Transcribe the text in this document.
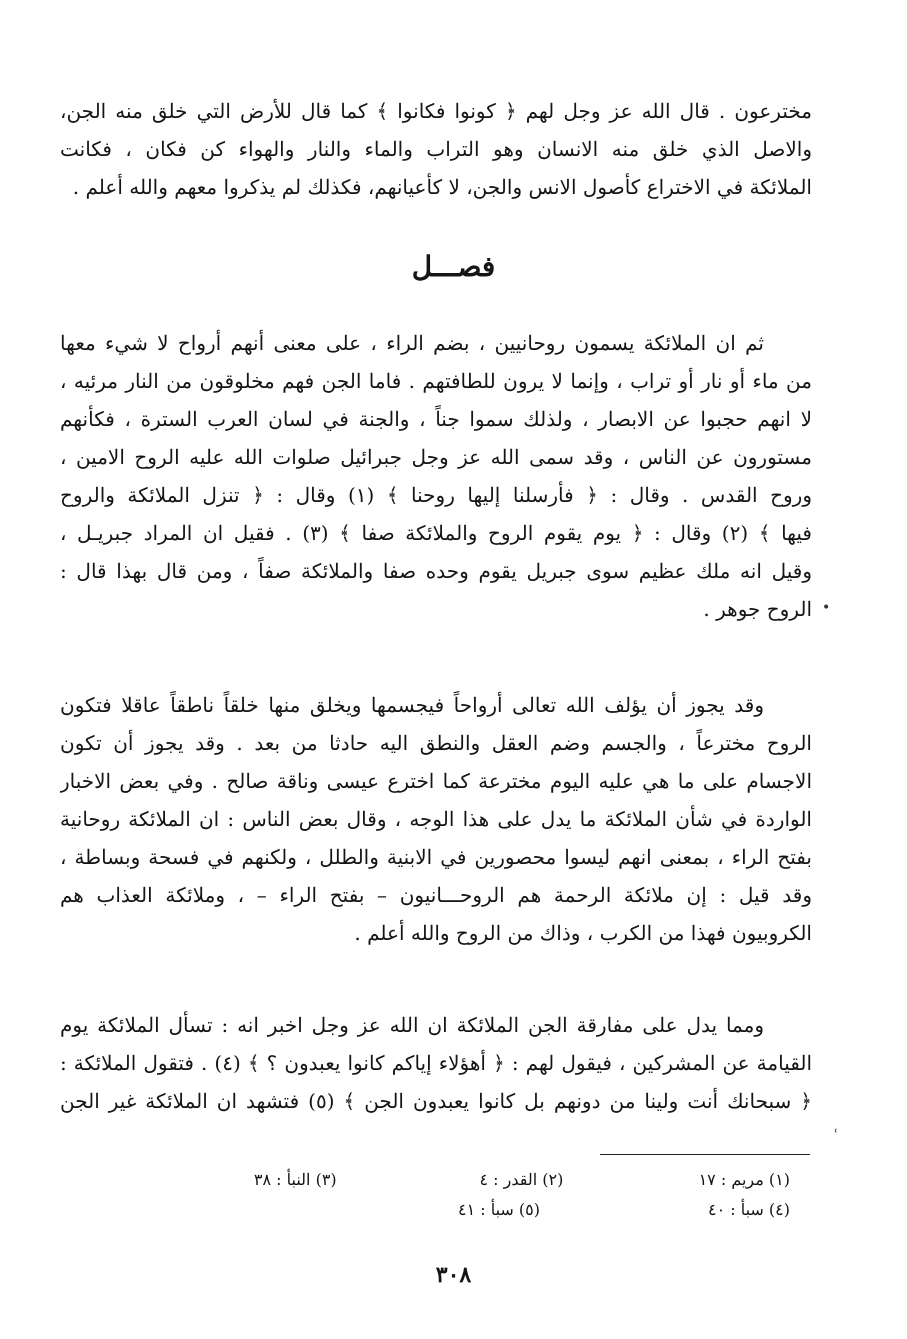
مخترعون . قال الله عز وجل لهم ﴿ كونوا فكانوا ﴾ كما قال للأرض التي خلق منه الجن،
والاصل الذي خلق منه الانسان وهو التراب والماء والنار والهواء كن فكان ، فكانت
الملائكة في الاختراع كأصول الانس والجن، لا كأعيانهم، فكذلك لم يذكروا معهم والله أعلم .
فصـــل
ثم ان الملائكة يسمون روحانيين ، بضم الراء ، على معنى أنهم أرواح لا شيء معها
من ماء أو نار أو تراب ، وإنما لا يرون للطافتهم . فاما الجن فهم مخلوقون من النار مرئيه ،
لا انهم حجبوا عن الابصار ، ولذلك سموا جناً ، والجنة في لسان العرب السترة ، فكأنهم
مستورون عن الناس ، وقد سمى الله عز وجل جبرائيل صلوات الله عليه الروح الامين ،
وروح القدس . وقال : ﴿ فأرسلنا إليها روحنا ﴾ (١) وقال : ﴿ تنزل الملائكة والروح
فيها ﴾ (٢) وقال : ﴿ يوم يقوم الروح والملائكة صفا ﴾ (٣) . فقيل ان المراد جبريـل ،
وقيل انه ملك عظيم سوى جبريل يقوم وحده صفا والملائكة صفاً ، ومن قال بهذا قال :
الروح جوهر .
وقد يجوز أن يؤلف الله تعالى أرواحاً فيجسمها ويخلق منها خلقاً ناطقاً عاقلا فتكون
الروح مخترعاً ، والجسم وضم العقل والنطق اليه حادثا من بعد . وقد يجوز أن تكون
الاجسام على ما هي عليه اليوم مخترعة كما اخترع عيسى وناقة صالح . وفي بعض الاخبار
الواردة في شأن الملائكة ما يدل على هذا الوجه ، وقال بعض الناس : ان الملائكة روحانية
بفتح الراء ، بمعنى انهم ليسوا محصورين في الابنية والطلل ، ولكنهم في فسحة وبساطة ،
وقد قيل : إن ملائكة الرحمة هم الروحـــانيون – بفتح الراء – ، وملائكة العذاب هم
الكروبيون فهذا من الكرب ، وذاك من الروح والله أعلم .
ومما يدل على مفارقة الجن الملائكة ان الله عز وجل اخبر انه : تسأل الملائكة يوم
القيامة عن المشركين ، فيقول لهم : ﴿ أهؤلاء إياكم كانوا يعبدون ؟ ﴾ (٤) . فتقول الملائكة :
﴿ سبحانك أنت ولينا من دونهم بل كانوا يعبدون الجن ﴾ (٥) فتشهد ان الملائكة غير الجن
(١) مريم : ١٧
(٢) القدر : ٤
(٣) النبأ : ٣٨
(٤) سبأ : ٤٠
(٥) سبأ : ٤١
٣٠٨
•
˓
